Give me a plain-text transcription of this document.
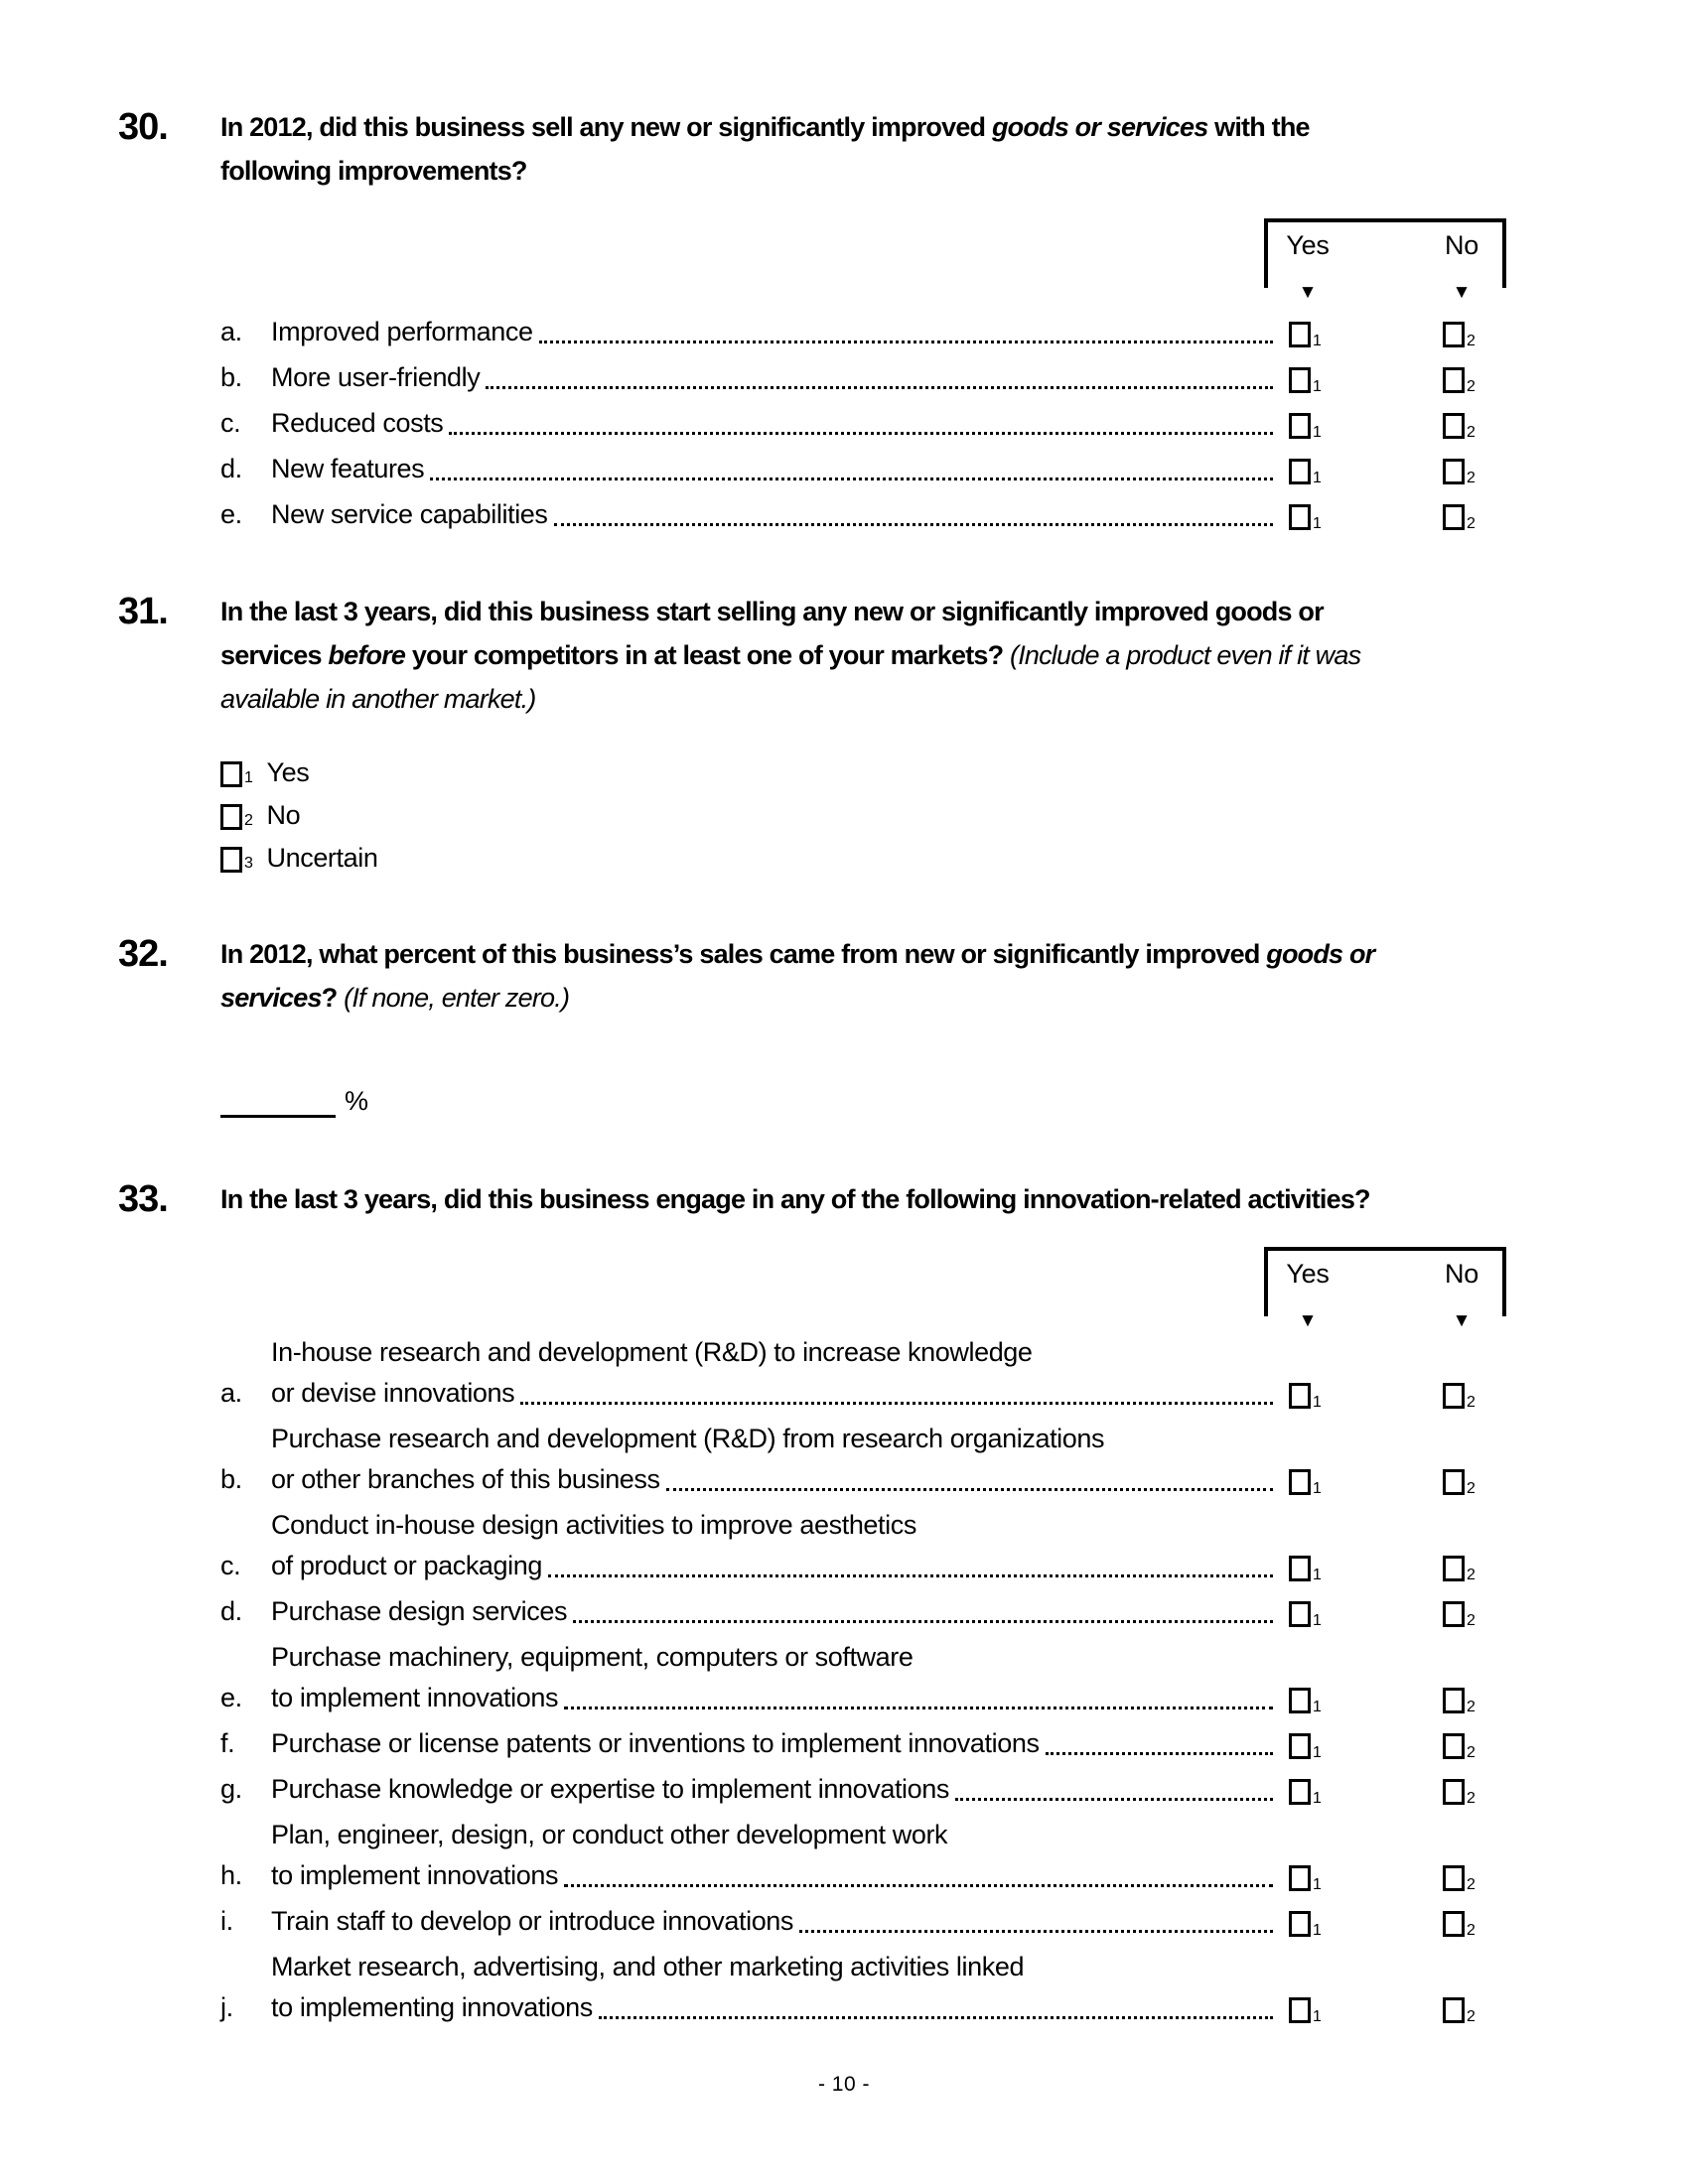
30.	In 2012, did this business sell any new or significantly improved goods or services with the
following improvements?
Yes	No
▼	▼
a.	Improved performance	1	2
b.	More user-friendly	1	2
c.	Reduced costs	1	2
d.	New features	1	2
e.	New service capabilities	1	2
31.	In the last 3 years, did this business start selling any new or significantly improved goods or
services before your competitors in at least one of your markets? (Include a product even if it was
available in another market.)
1 Yes
2 No
3 Uncertain
32.	In 2012, what percent of this business’s sales came from new or significantly improved goods or
services? (If none, enter zero.)
%
33.	In the last 3 years, did this business engage in any of the following innovation-related activities?
Yes	No
▼	▼
a.
In-house research and development (R&D) to increase knowledge
or devise innovations	1	2
b.
Purchase research and development (R&D) from research organizations
or other branches of this business	1	2
c.
Conduct in-house design activities to improve aesthetics
of product or packaging	1	2
d.	Purchase design services	1	2
e.
Purchase machinery, equipment, computers or software
to implement innovations	1	2
f.	Purchase or license patents or inventions to implement innovations	1	2
g.	Purchase knowledge or expertise to implement innovations	1	2
h.
Plan, engineer, design, or conduct other development work
to implement innovations	1	2
i.	Train staff to develop or introduce innovations	1	2
j.
Market research, advertising, and other marketing activities linked
to implementing innovations	1	2
- 10 -
